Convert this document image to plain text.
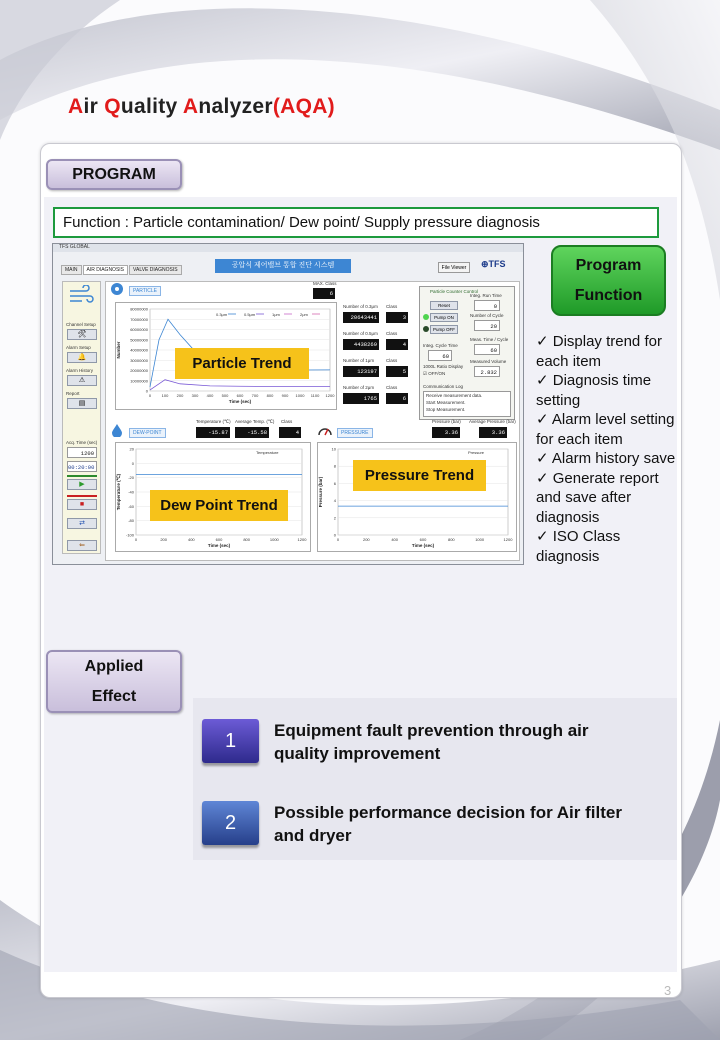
Air Quality Analyzer(AQA)
PROGRAM
Function : Particle contamination/ Dew point/ Supply pressure diagnosis
TFS GLOBAL
MAIN	AIR DIAGNOSIS	VALVE DIAGNOSIS
공압식 제어밸브 통합 진단 시스템	File Viewer	⊕TFS
Channel Setup
🛠
Alarm Setup
🔔
Alarm History
⚠
Report
▤
Acq. Time (sec)
1200
00:20:00
▶
■
⇄
⇐
PARTICLE
MAX. Class
6
80000000
70000000
60000000
50000000
40000000
30000000
20000000
10000000
0
0	100 200 300 400 500 600 700 800 900 1000 1100 1200
Time (sec)
Number
0.3μm	0.5μm	1μm	2μm
Number of 0.3μm Class
20643441	3
Number of 0.5μm Class
4438269	4
Number of 1μm	Class
123197	5
Number of 2μm	Class
1765	6
Particle Counter Control
Reset
Pump ON
Pump OFF
Integ. Run Time
0
Number of Cycle
20
Integ. Cycle Time
60
Meas. Time / Cycle
60
1000L Ratio Display
☑ OFF/ON
Measured Volume
2.832
Communication Log
Receive measurement data.
Start Measurement.
Stop Measurement.
DEW-POINT
Temperature (℃)
-15.87
Average Temp. (℃)
-15.58
Class
4
20
0
-20
-40
-60
-80
-100
0	200	400	600	800	1000	1200
Time (sec)
Temperature (℃)
Temperature
PRESSURE
Pressure (bar)
3.36
Average Pressure (bar)
3.36
10
8
6
4
2
0
0	200	400	600	800	1000	1200
Time (sec)
Pressure (bar)
Pressure
Particle Trend
Dew Point Trend
Pressure Trend
Program
Function
✓ Display trend for each item
✓ Diagnosis time setting
✓ Alarm level setting for each item
✓ Alarm history save
✓ Generate report and save after diagnosis
✓ ISO Class diagnosis
Applied
Effect
1	Equipment fault prevention through air quality improvement
2	Possible performance decision for Air filter and dryer
3
